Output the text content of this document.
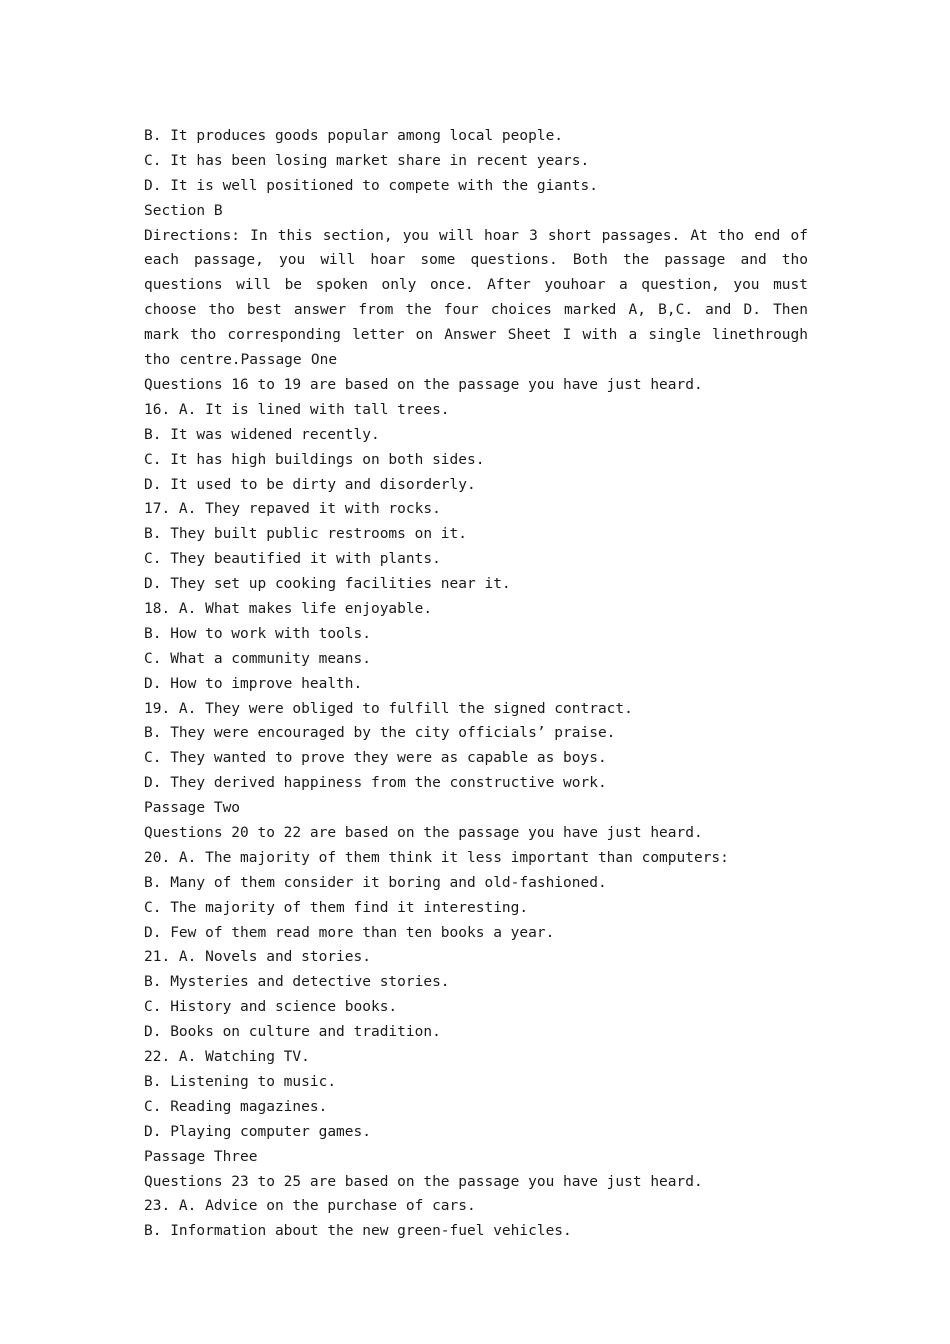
B. It produces goods popular among local people.
C. It has been losing market share in recent years.
D. It is well positioned to compete with the giants.
Section B
Directions: In this section, you will hoar 3 short passages. At tho end of each passage, you will hoar some questions. Both the passage and tho questions will be spoken only once. After youhoar a question, you must choose tho best answer from the four choices marked A, B,C. and D. Then mark tho corresponding letter on Answer Sheet I with a single linethrough tho centre.Passage One
Questions 16 to 19 are based on the passage you have just heard.
16. A. It is lined with tall trees.
B. It was widened recently.
C. It has high buildings on both sides.
D. It used to be dirty and disorderly.
17. A. They repaved it with rocks.
B. They built public restrooms on it.
C. They beautified it with plants.
D. They set up cooking facilities near it.
18. A. What makes life enjoyable.
B. How to work with tools.
C. What a community means.
D. How to improve health.
19. A. They were obliged to fulfill the signed contract.
B. They were encouraged by the city officials’ praise.
C. They wanted to prove they were as capable as boys.
D. They derived happiness from the constructive work.
Passage Two
Questions 20 to 22 are based on the passage you have just heard.
20. A. The majority of them think it less important than computers:
B. Many of them consider it boring and old-fashioned.
C. The majority of them find it interesting.
D. Few of them read more than ten books a year.
21. A. Novels and stories.
B. Mysteries and detective stories.
C. History and science books.
D. Books on culture and tradition.
22. A. Watching TV.
B. Listening to music.
C. Reading magazines.
D. Playing computer games.
Passage Three
Questions 23 to 25 are based on the passage you have just heard.
23. A. Advice on the purchase of cars.
B. Information about the new green-fuel vehicles.
